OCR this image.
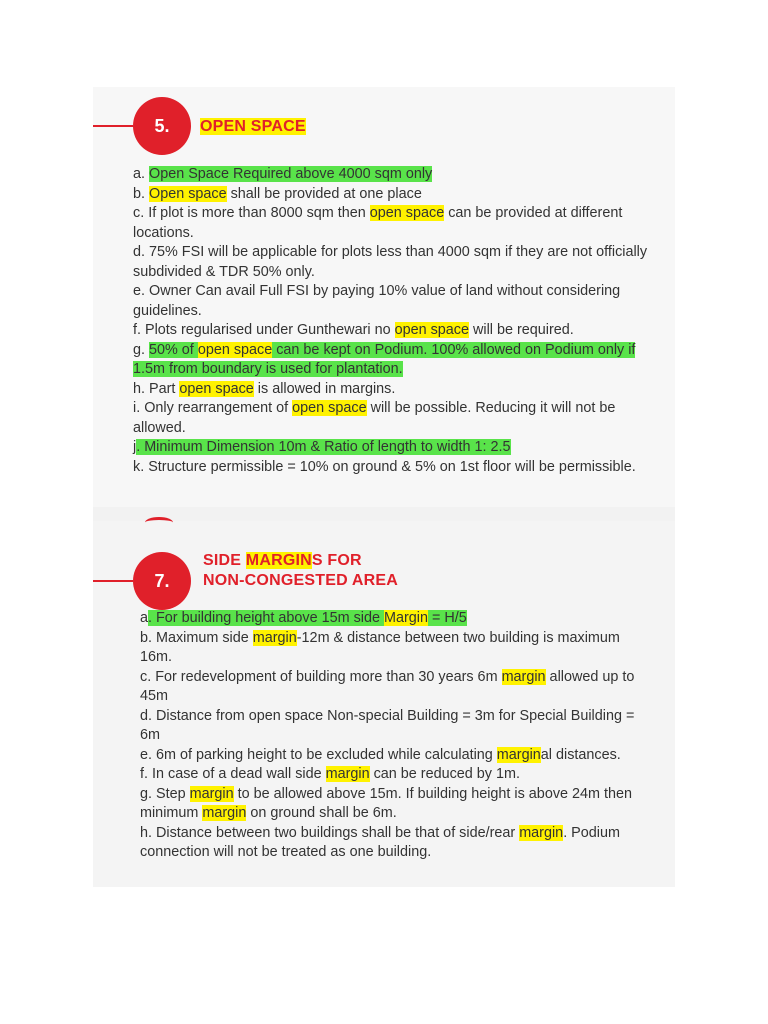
5.	OPEN SPACE

a. Open Space Required above 4000 sqm only

b. Open space shall be provided at one place

c. If plot is more than 8000 sqm then open space can be provided at different locations.

d. 75% FSI will be applicable for plots less than 4000 sqm if they are not officially subdivided & TDR 50% only.

e. Owner Can avail Full FSI by paying 10% value of land without considering guidelines.

f. Plots regularised under Gunthewari no open space will be required.

g. 50% of open space can be kept on Podium. 100% allowed on Podium only if 1.5m from boundary is used for plantation.

h. Part open space is allowed in margins.

i. Only rearrangement of open space will be possible. Reducing it will not be allowed.

j. Minimum Dimension 10m & Ratio of length to width 1: 2.5

k. Structure permissible = 10% on ground & 5% on 1st floor will be permissible.

7.
SIDE MARGINS FOR
NON-CONGESTED AREA

a. For building height above 15m side Margin = H/5

b. Maximum side margin-12m & distance between two building is maximum 16m.

c. For redevelopment of building more than 30 years 6m margin allowed up to 45m

d. Distance from open space Non-special Building = 3m for Special Building = 6m

e. 6m of parking height to be excluded while calculating marginal distances.

f. In case of a dead wall side margin can be reduced by 1m.

g. Step margin to be allowed above 15m. If building height is above 24m then minimum margin on ground shall be 6m.

h. Distance between two buildings shall be that of side/rear margin. Podium connection will not be treated as one building.
